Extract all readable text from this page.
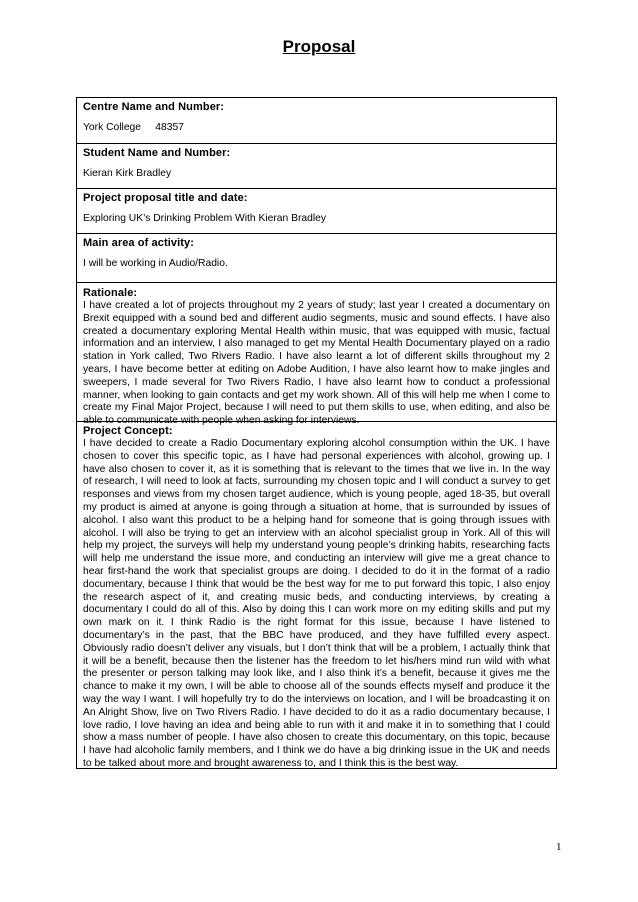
Proposal
Centre Name and Number:
York College     48357
Student Name and Number:
Kieran Kirk Bradley
Project proposal title and date:
Exploring UK’s Drinking Problem With Kieran Bradley
Main area of activity:
I will be working in Audio/Radio.
Rationale:

I have created a lot of projects throughout my 2 years of study; last year I created a documentary on Brexit equipped with a sound bed and different audio segments, music and sound effects. I have also created a documentary exploring Mental Health within music, that was equipped with music, factual information and an interview, I also managed to get my Mental Health Documentary played on a radio station in York called, Two Rivers Radio. I have also learnt a lot of different skills throughout my 2 years, I have become better at editing on Adobe Audition, I have also learnt how to make jingles and sweepers, I made several for Two Rivers Radio, I have also learnt how to conduct a professional manner, when looking to gain contacts and get my work shown. All of this will help me when I come to create my Final Major Project, because I will need to put them skills to use, when editing, and also be able to communicate with people when asking for interviews.

Project Concept:

I have decided to create a Radio Documentary exploring alcohol consumption within the UK. I have chosen to cover this specific topic, as I have had personal experiences with alcohol, growing up. I have also chosen to cover it, as it is something that is relevant to the times that we live in. In the way of research, I will need to look at facts, surrounding my chosen topic and I will conduct a survey to get responses and views from my chosen target audience, which is young people, aged 18-35, but overall my product is aimed at anyone is going through a situation at home, that is surrounded by issues of alcohol. I also want this product to be a helping hand for someone that is going through issues with alcohol. I will also be trying to get an interview with an alcohol specialist group in York. All of this will help my project, the surveys will help my understand young people’s drinking habits, researching facts will help me understand the issue more, and conducting an interview will give me a great chance to hear first-hand the work that specialist groups are doing. I decided to do it in the format of a radio documentary, because I think that would be the best way for me to put forward this topic, I also enjoy the research aspect of it, and creating music beds, and conducting interviews, by creating a documentary I could do all of this. Also by doing this I can work more on my editing skills and put my own mark on it. I think Radio is the right format for this issue, because I have listened to documentary’s in the past, that the BBC have produced, and they have fulfilled every aspect. Obviously radio doesn’t deliver any visuals, but I don’t think that will be a problem, I actually think that it will be a benefit, because then the listener has the freedom to let his/hers mind run wild with what the presenter or person talking may look like, and I also think it’s a benefit, because it gives me the chance to make it my own, I will be able to choose all of the sounds effects myself and produce it the way the way I want. I will hopefully try to do the interviews on location, and I will be broadcasting it on An Alright Show, live on Two Rivers Radio. I have decided to do it as a radio documentary because, I love radio, I love having an idea and being able to run with it and make it in to something that I could show a mass number of people. I have also chosen to create this documentary, on this topic, because I have had alcoholic family members, and I think we do have a big drinking issue in the UK and needs to be talked about more and brought awareness to, and I think this is the best way.

1
